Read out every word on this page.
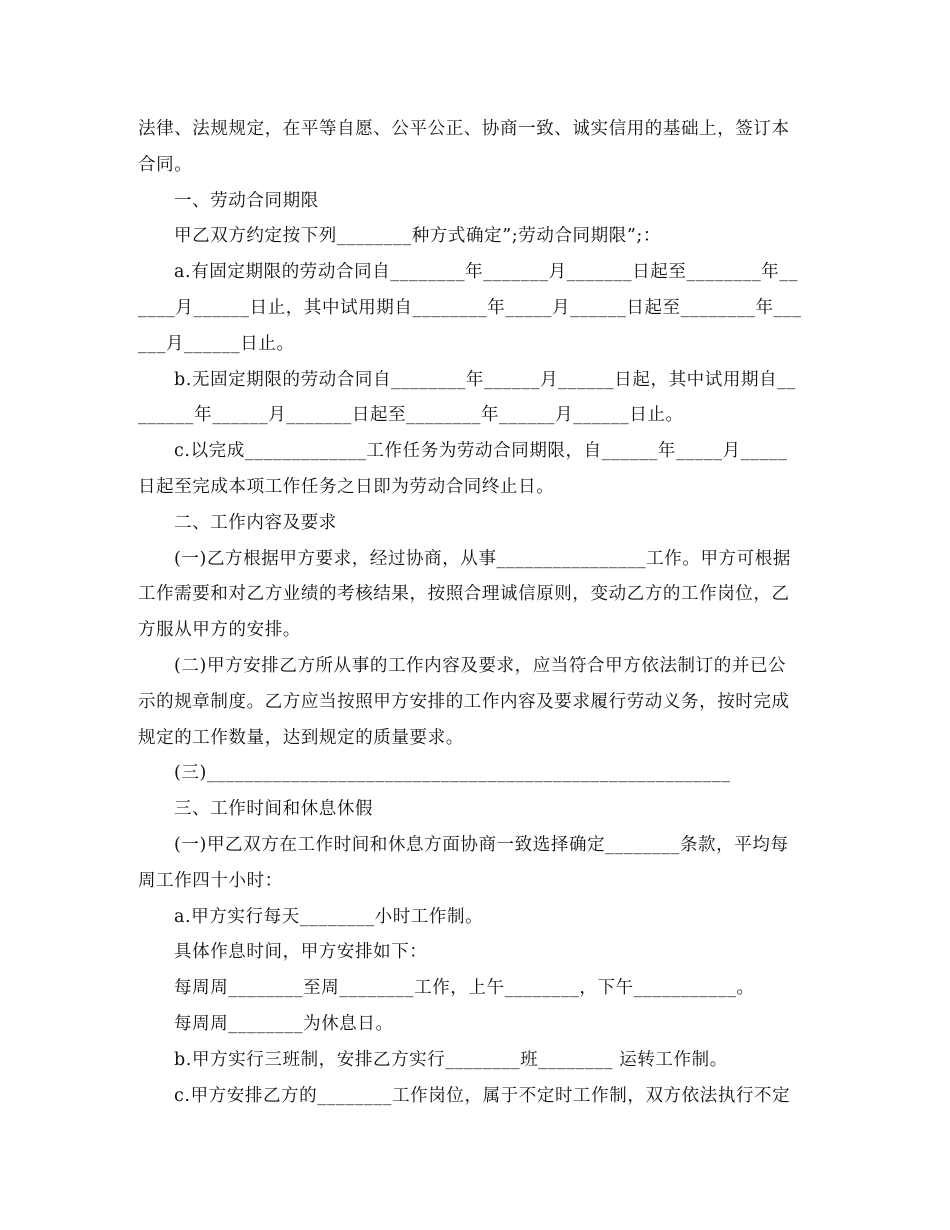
法律、法规规定，在平等自愿、公平公正、协商一致、诚实信用的基础上，签订本
合同。
一、劳动合同期限
甲乙双方约定按下列________种方式确定”;劳动合同期限”;：
a.有固定期限的劳动合同自________年_______月_______日起至________年__
____月______日止，其中试用期自________年_____月______日起至________年___
___月______日止。
b.无固定期限的劳动合同自________年______月______日起，其中试用期自__
______年______月_______日起至________年______月______日止。
c.以完成_____________工作任务为劳动合同期限，自______年_____月_____
日起至完成本项工作任务之日即为劳动合同终止日。
二、工作内容及要求
(一)乙方根据甲方要求，经过协商，从事________________工作。甲方可根据
工作需要和对乙方业绩的考核结果，按照合理诚信原则，变动乙方的工作岗位，乙
方服从甲方的安排。
(二)甲方安排乙方所从事的工作内容及要求，应当符合甲方依法制订的并已公
示的规章制度。乙方应当按照甲方安排的工作内容及要求履行劳动义务，按时完成
规定的工作数量，达到规定的质量要求。
(三)________________________________________________________
三、工作时间和休息休假
(一)甲乙双方在工作时间和休息方面协商一致选择确定________条款，平均每
周工作四十小时：
a.甲方实行每天________小时工作制。
具体作息时间，甲方安排如下：
每周周________至周________工作，上午________，下午___________。
每周周________为休息日。
b.甲方实行三班制，安排乙方实行________班________ 运转工作制。
c.甲方安排乙方的________工作岗位，属于不定时工作制，双方依法执行不定
